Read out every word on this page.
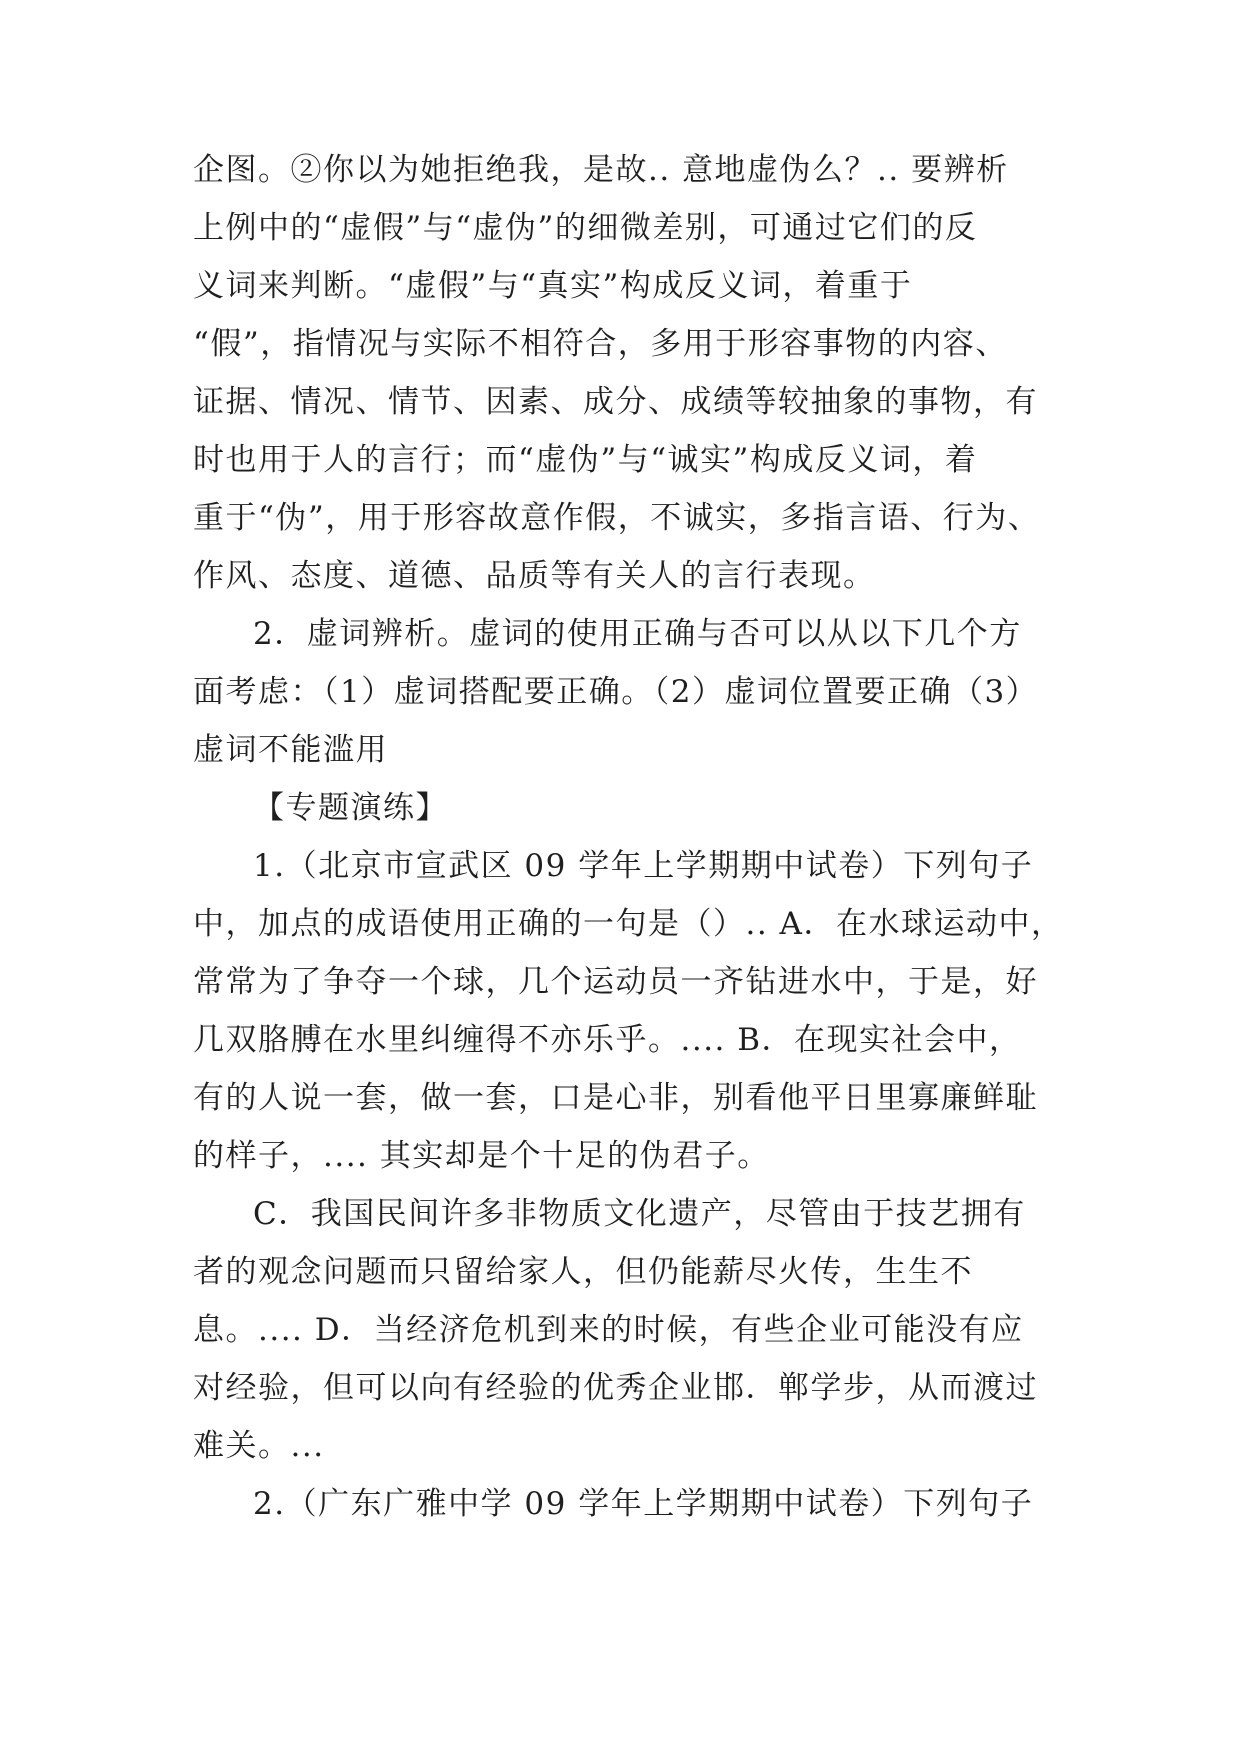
企图。②你以为她拒绝我，是故.. 意地虚伪么？.. 要辨析
上例中的“虚假”与“虚伪”的细微差别，可通过它们的反
义词来判断。“虚假”与“真实”构成反义词，着重于
“假”，指情况与实际不相符合，多用于形容事物的内容、
证据、情况、情节、因素、成分、成绩等较抽象的事物，有
时也用于人的言行；而“虚伪”与“诚实”构成反义词，着
重于“伪”，用于形容故意作假，不诚实，多指言语、行为、
作风、态度、道德、品质等有关人的言行表现。
2．虚词辨析。虚词的使用正确与否可以从以下几个方
面考虑：（1）虚词搭配要正确。（2）虚词位置要正确（3）
虚词不能滥用
【专题演练】
1.（北京市宣武区 09 学年上学期期中试卷）下列句子
中，加点的成语使用正确的一句是（）.. A．在水球运动中，
常常为了争夺一个球，几个运动员一齐钻进水中，于是，好
几双胳膊在水里纠缠得不亦乐乎。.... B．在现实社会中，
有的人说一套，做一套，口是心非，别看他平日里寡廉鲜耻
的样子，.... 其实却是个十足的伪君子。
C．我国民间许多非物质文化遗产，尽管由于技艺拥有
者的观念问题而只留给家人，但仍能薪尽火传，生生不
息。.... D．当经济危机到来的时候，有些企业可能没有应
对经验，但可以向有经验的优秀企业邯．郸学步，从而渡过
难关。...
2.（广东广雅中学 09 学年上学期期中试卷）下列句子
